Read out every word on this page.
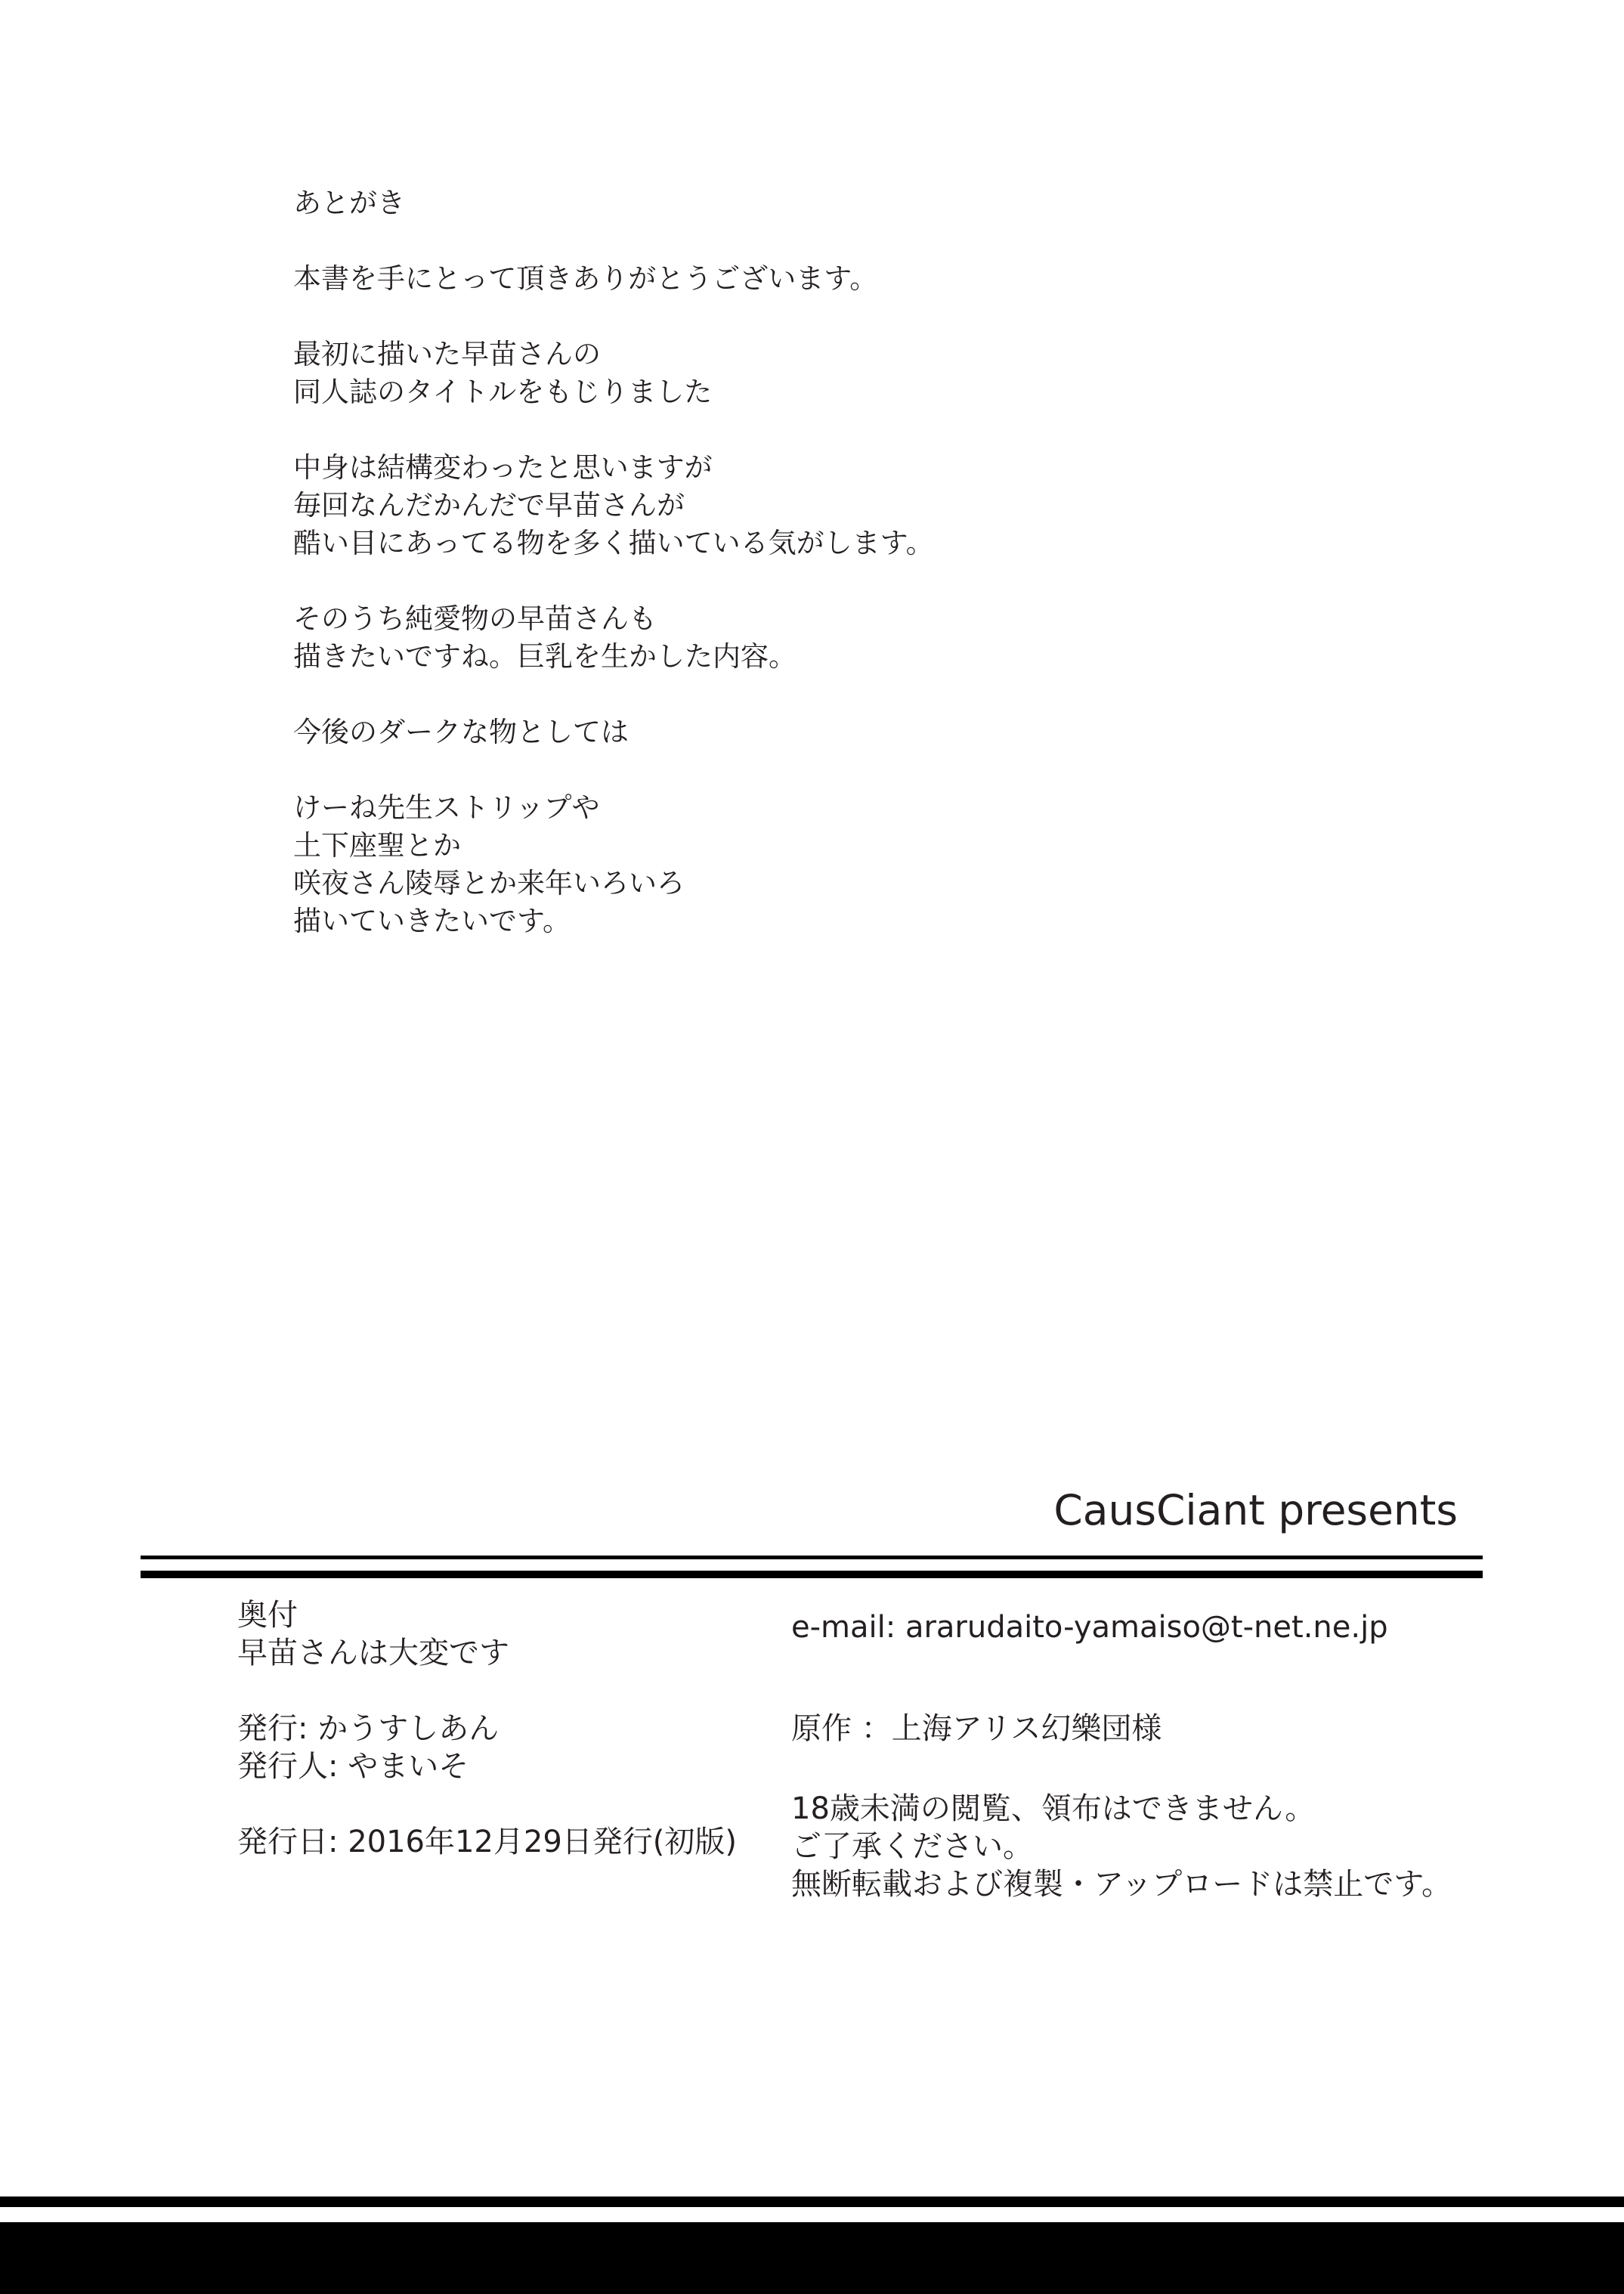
あとがき
本書を手にとって頂きありがとうございます。
最初に描いた早苗さんの
同人誌のタイトルをもじりました
中身は結構変わったと思いますが
毎回なんだかんだで早苗さんが
酷い目にあってる物を多く描いている気がします。
そのうち純愛物の早苗さんも
描きたいですね。巨乳を生かした内容。
今後のダークな物としては
けーね先生ストリップや
土下座聖とか
咲夜さん陵辱とか来年いろいろ
描いていきたいです。
CausCiant presents
奥付
早苗さんは大変です
発行: かうすしあん
発行人: やまいそ
発行日: 2016年12月29日発行(初版)
e-mail: ararudaito-yamaiso@t-net.ne.jp
原作 ：上海アリス幻樂団様
18歳未満の閲覧、領布はできません。
ご了承ください。
無断転載および複製・アップロードは禁止です。
